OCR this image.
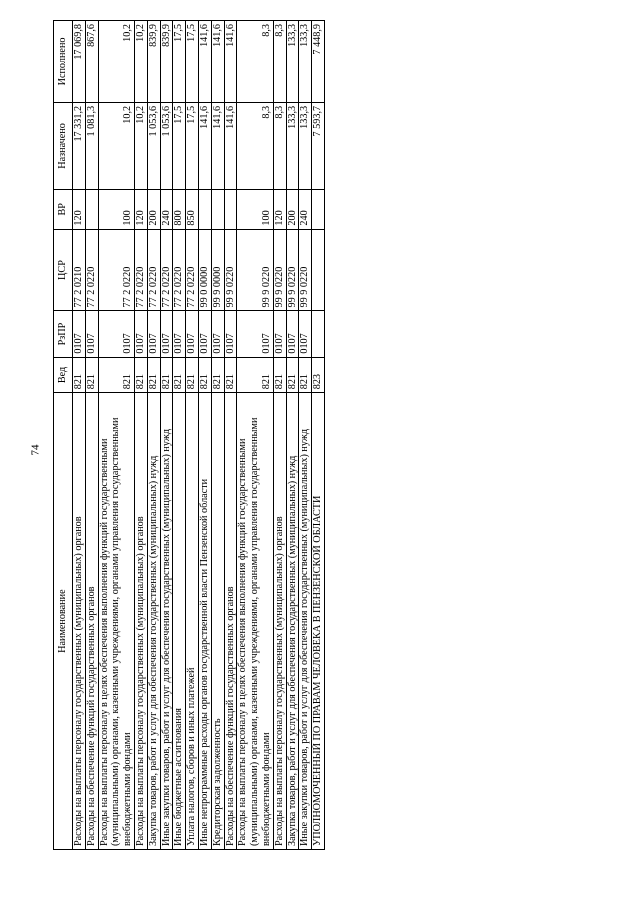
74
Наименование	Вед	РзПР	ЦСР	ВР	Назначено	Исполнено
Расходы на выплаты персоналу государственных (муниципальных) органов	821	0107	77 2 0210	120	17 331,2	17 069,8
Расходы на обеспечение функций государственных органов	821	0107	77 2 0220		1 081,3	867,6
Расходы на выплаты персоналу в целях обеспечения выполнения функций государственными (муниципальными) органами, казенными учреждениями, органами управления государственными внебюджетными фондами	821	0107	77 2 0220	100	10,2	10,2
Расходы на выплаты персоналу государственных (муниципальных) органов	821	0107	77 2 0220	120	10,2	10,2
Закупка товаров, работ и услуг для обеспечения государственных (муниципальных) нужд	821	0107	77 2 0220	200	1 053,6	839,9
Иные закупки товаров, работ и услуг для обеспечения государственных (муниципальных) нужд	821	0107	77 2 0220	240	1 053,6	839,9
Иные бюджетные ассигнования	821	0107	77 2 0220	800	17,5	17,5
Уплата налогов, сборов и иных платежей	821	0107	77 2 0220	850	17,5	17,5
Иные непрограммные расходы органов государственной власти Пензенской области	821	0107	99 0 0000		141,6	141,6
Кредиторская задолженность	821	0107	99 9 0000		141,6	141,6
Расходы на обеспечение функций государственных органов	821	0107	99 9 0220		141,6	141,6
Расходы на выплаты персоналу в целях обеспечения выполнения функций государственными (муниципальными) органами, казенными учреждениями, органами управления государственными внебюджетными фондами	821	0107	99 9 0220	100	8,3	8,3
Расходы на выплаты персоналу государственных (муниципальных) органов	821	0107	99 9 0220	120	8,3	8,3
Закупка товаров, работ и услуг для обеспечения государственных (муниципальных) нужд	821	0107	99 9 0220	200	133,3	133,3
Иные закупки товаров, работ и услуг для обеспечения государственных (муниципальных) нужд	821	0107	99 9 0220	240	133,3	133,3
УПОЛНОМОЧЕННЫЙ ПО ПРАВАМ ЧЕЛОВЕКА В ПЕНЗЕНСКОЙ ОБЛАСТИ	823				7 593,7	7 448,9
